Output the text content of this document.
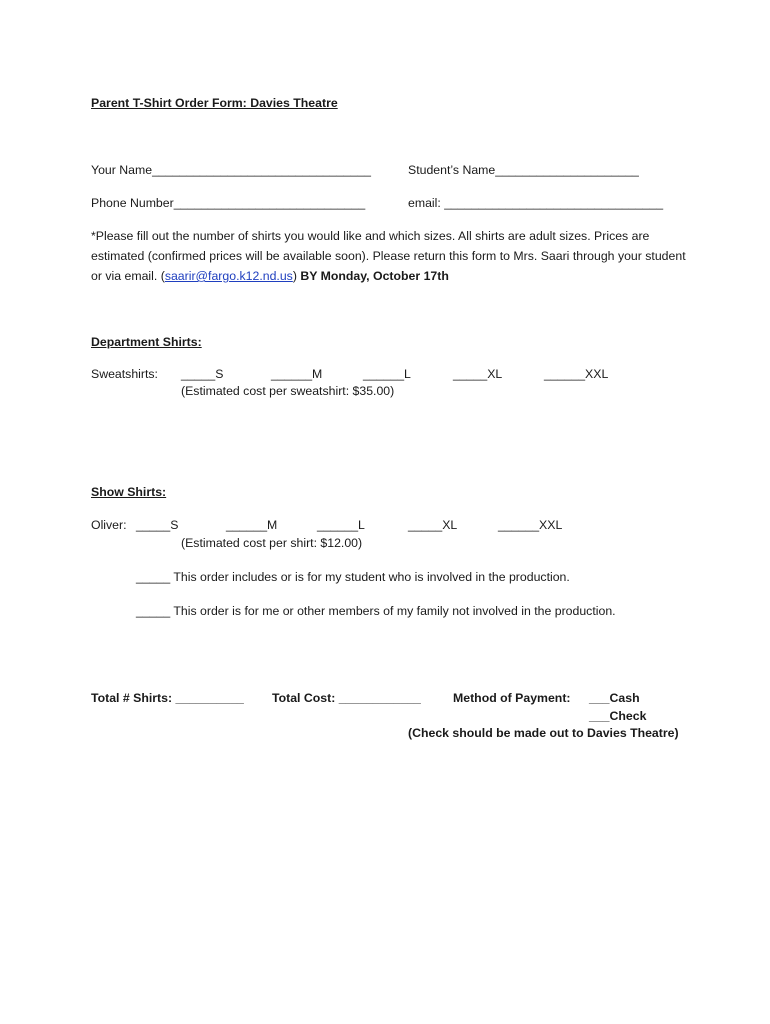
Parent T-Shirt Order Form: Davies Theatre
Your Name________________________________	Student’s Name_____________________
Phone Number____________________________	email: ________________________________
*Please fill out the number of shirts you would like and which sizes. All shirts are adult sizes. Prices are estimated (confirmed prices will be available soon). Please return this form to Mrs. Saari through your student or via email. (saarir@fargo.k12.nd.us) BY Monday, October 17th
Department Shirts:
Sweatshirts: _____S	______M	______L	_____XL	______XXL
(Estimated cost per sweatshirt: $35.00)
Show Shirts:
Oliver: _____S	______M	______L	_____XL	______XXL
(Estimated cost per shirt: $12.00)
_____ This order includes or is for my student who is involved in the production.
_____ This order is for me or other members of my family not involved in the production.
Total # Shirts: __________ Total Cost: ____________	Method of Payment: ___Cash
___Check
(Check should be made out to Davies Theatre)
